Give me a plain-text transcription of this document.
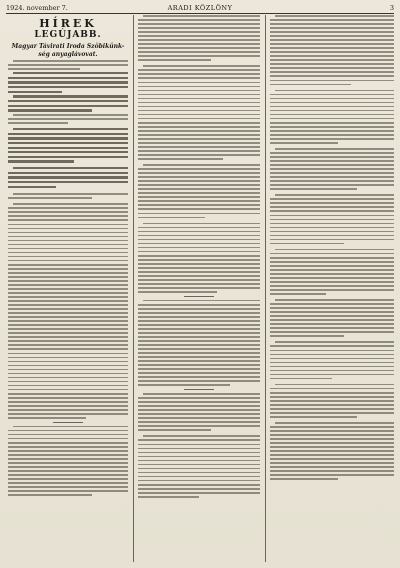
1924. november 7.	ARADI KÖZLÖNY	3
HÍREK
LEGÚJABB.
Magyar Távirati Iroda Szöbikünk-ség anyaglávovat.
